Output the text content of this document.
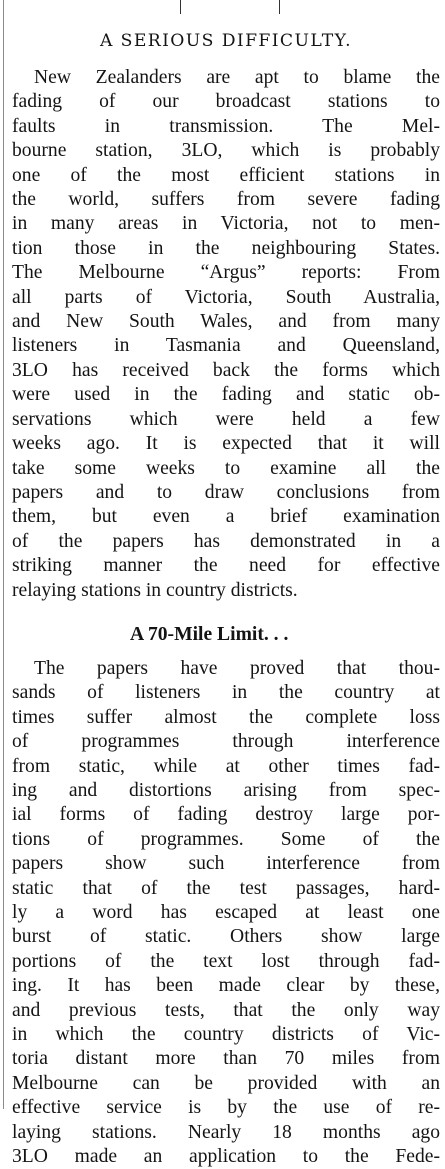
A SERIOUS DIFFICULTY.

New Zealanders are apt to blame the
fading of our broadcast stations to
faults in transmission. The Mel-
bourne station, 3LO, which is probably
one of the most efficient stations in
the world, suffers from severe fading
in many areas in Victoria, not to men-
tion those in the neighbouring States.
The Melbourne “Argus” reports: From
all parts of Victoria, South Australia,
and New South Wales, and from many
listeners in Tasmania and Queensland,
3LO has received back the forms which
were used in the fading and static ob-
servations which were held a few
weeks ago. It is expected that it will
take some weeks to examine all the
papers and to draw conclusions from
them, but even a brief examination
of the papers has demonstrated in a
striking manner the need for effective
relaying stations in country districts.

A 70-Mile Limit. . .

The papers have proved that thou-
sands of listeners in the country at
times suffer almost the complete loss
of programmes through interference
from static, while at other times fad-
ing and distortions arising from spec-
ial forms of fading destroy large por-
tions of programmes. Some of the
papers show such interference from
static that of the test passages, hard-
ly a word has escaped at least one
burst of static. Others show large
portions of the text lost through fad-
ing. It has been made clear by these,
and previous tests, that the only way
in which the country districts of Vic-
toria distant more than 70 miles from
Melbourne can be provided with an
effective service is by the use of re-
laying stations. Nearly 18 months ago
3LO made an application to the Fede-
